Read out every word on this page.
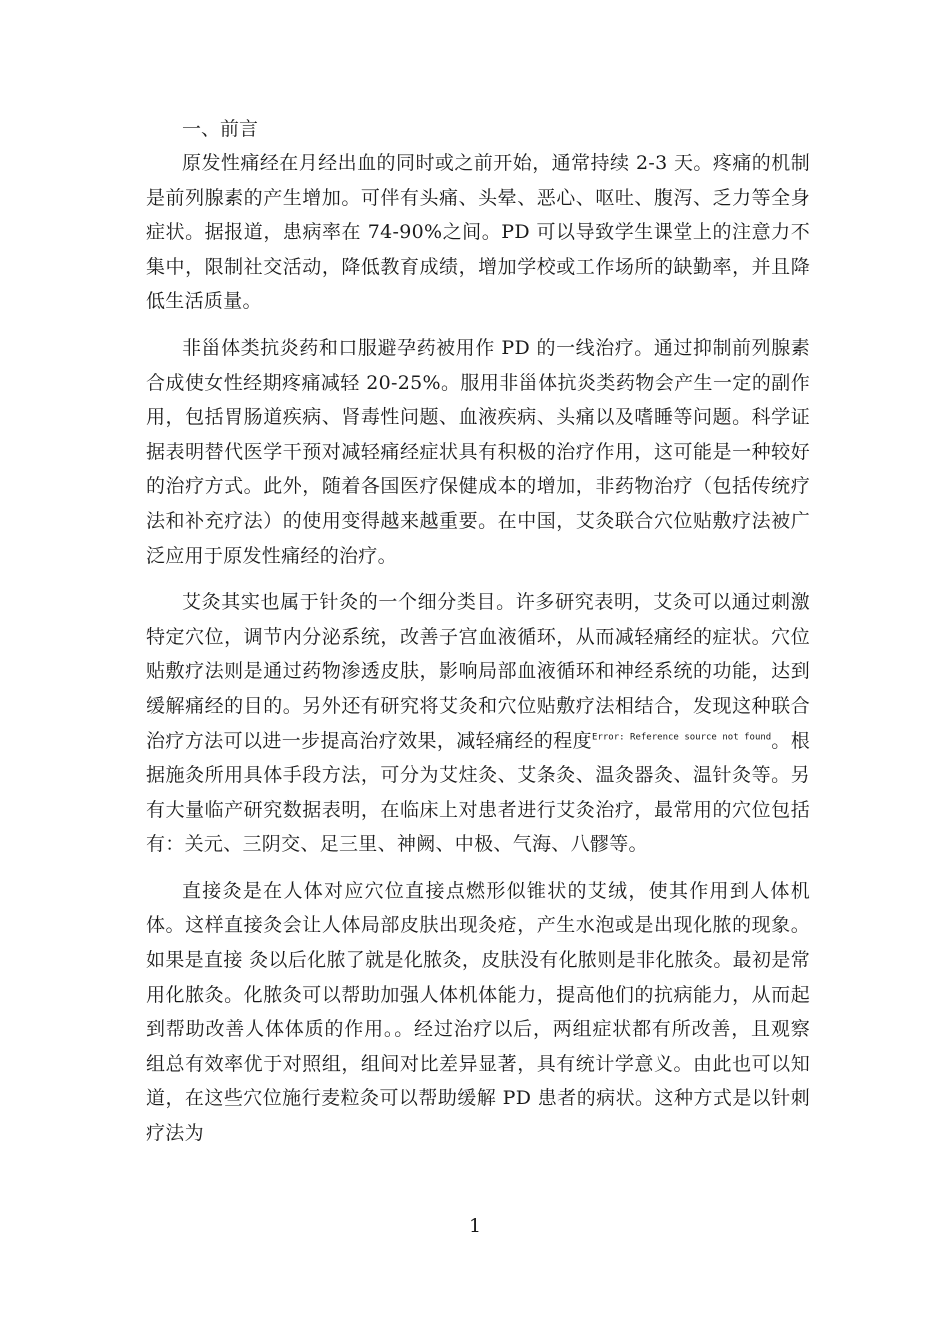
一、前言

原发性痛经在月经出血的同时或之前开始，通常持续 2-3 天。疼痛的机制是前列腺素的产生增加。可伴有头痛、头晕、恶心、呕吐、腹泻、乏力等全身症状。据报道，患病率在 74-90%之间。PD 可以导致学生课堂上的注意力不集中，限制社交活动，降低教育成绩，增加学校或工作场所的缺勤率，并且降低生活质量。

非甾体类抗炎药和口服避孕药被用作 PD 的一线治疗。通过抑制前列腺素合成使女性经期疼痛减轻 20-25%。服用非甾体抗炎类药物会产生一定的副作用，包括胃肠道疾病、肾毒性问题、血液疾病、头痛以及嗜睡等问题。科学证据表明替代医学干预对减轻痛经症状具有积极的治疗作用，这可能是一种较好的治疗方式。此外，随着各国医疗保健成本的增加，非药物治疗（包括传统疗法和补充疗法）的使用变得越来越重要。在中国，艾灸联合穴位贴敷疗法被广泛应用于原发性痛经的治疗。

艾灸其实也属于针灸的一个细分类目。许多研究表明，艾灸可以通过刺激特定穴位，调节内分泌系统，改善子宫血液循环，从而减轻痛经的症状。穴位贴敷疗法则是通过药物渗透皮肤，影响局部血液循环和神经系统的功能，达到缓解痛经的目的。另外还有研究将艾灸和穴位贴敷疗法相结合，发现这种联合治疗方法可以进一步提高治疗效果，减轻痛经的程度$^{Error: Reference source not found}$。根据施灸所用具体手段方法，可分为艾炷灸、艾条灸、温灸器灸、温针灸等。另有大量临产研究数据表明，在临床上对患者进行艾灸治疗，最常用的穴位包括有：关元、三阴交、足三里、神阙、中极、气海、八髎等。

直接灸是在人体对应穴位直接点燃形似锥状的艾绒，使其作用到人体机体。这样直接灸会让人体局部皮肤出现灸疮，产生水泡或是出现化脓的现象。如果是直接 灸以后化脓了就是化脓灸，皮肤没有化脓则是非化脓灸。最初是常用化脓灸。化脓灸可以帮助加强人体机体能力，提高他们的抗病能力，从而起到帮助改善人体体质的作用。。经过治疗以后，两组症状都有所改善，且观察组总有效率优于对照组，组间对比差异显著，具有统计学意义。由此也可以知道，在这些穴位施行麦粒灸可以帮助缓解 PD 患者的病状。这种方式是以针刺疗法为

1
